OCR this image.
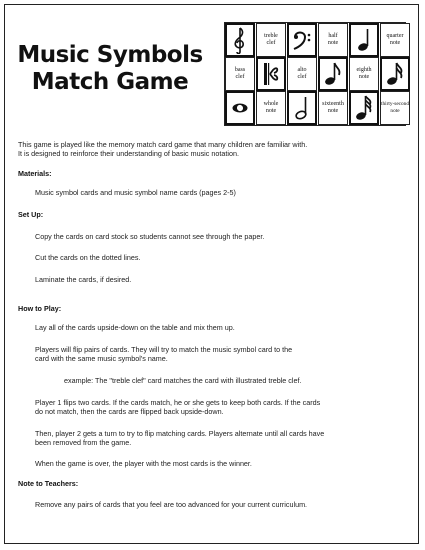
Music Symbols
Match Game
treble
clef
half
note
quarter
note
bass
clef
alto
clef
eighth
note
whole
note
sixteenth
note
thirty-second
note
This game is played like the memory match card game that many children are familiar with.
It is designed to reinforce their understanding of basic music notation.
Materials:
Music symbol cards and music symbol name cards (pages 2-5)
Set Up:
Copy the cards on card stock so students cannot see through the paper.
Cut the cards on the dotted lines.
Laminate the cards, if desired.
How to Play:
Lay all of the cards upside-down on the table and mix them up.
Players will flip pairs of cards. They will try to match the music symbol card to the
card with the same music symbol's name.
example: The "treble clef" card matches the card with illustrated treble clef.
Player 1 flips two cards. If the cards match, he or she gets to keep both cards. If the cards
do not match, then the cards are flipped back upside-down.
Then, player 2 gets a turn to try to flip matching cards. Players alternate until all cards have
been removed from the game.
When the game is over, the player with the most cards is the winner.
Note to Teachers:
Remove any pairs of cards that you feel are too advanced for your current curriculum.
